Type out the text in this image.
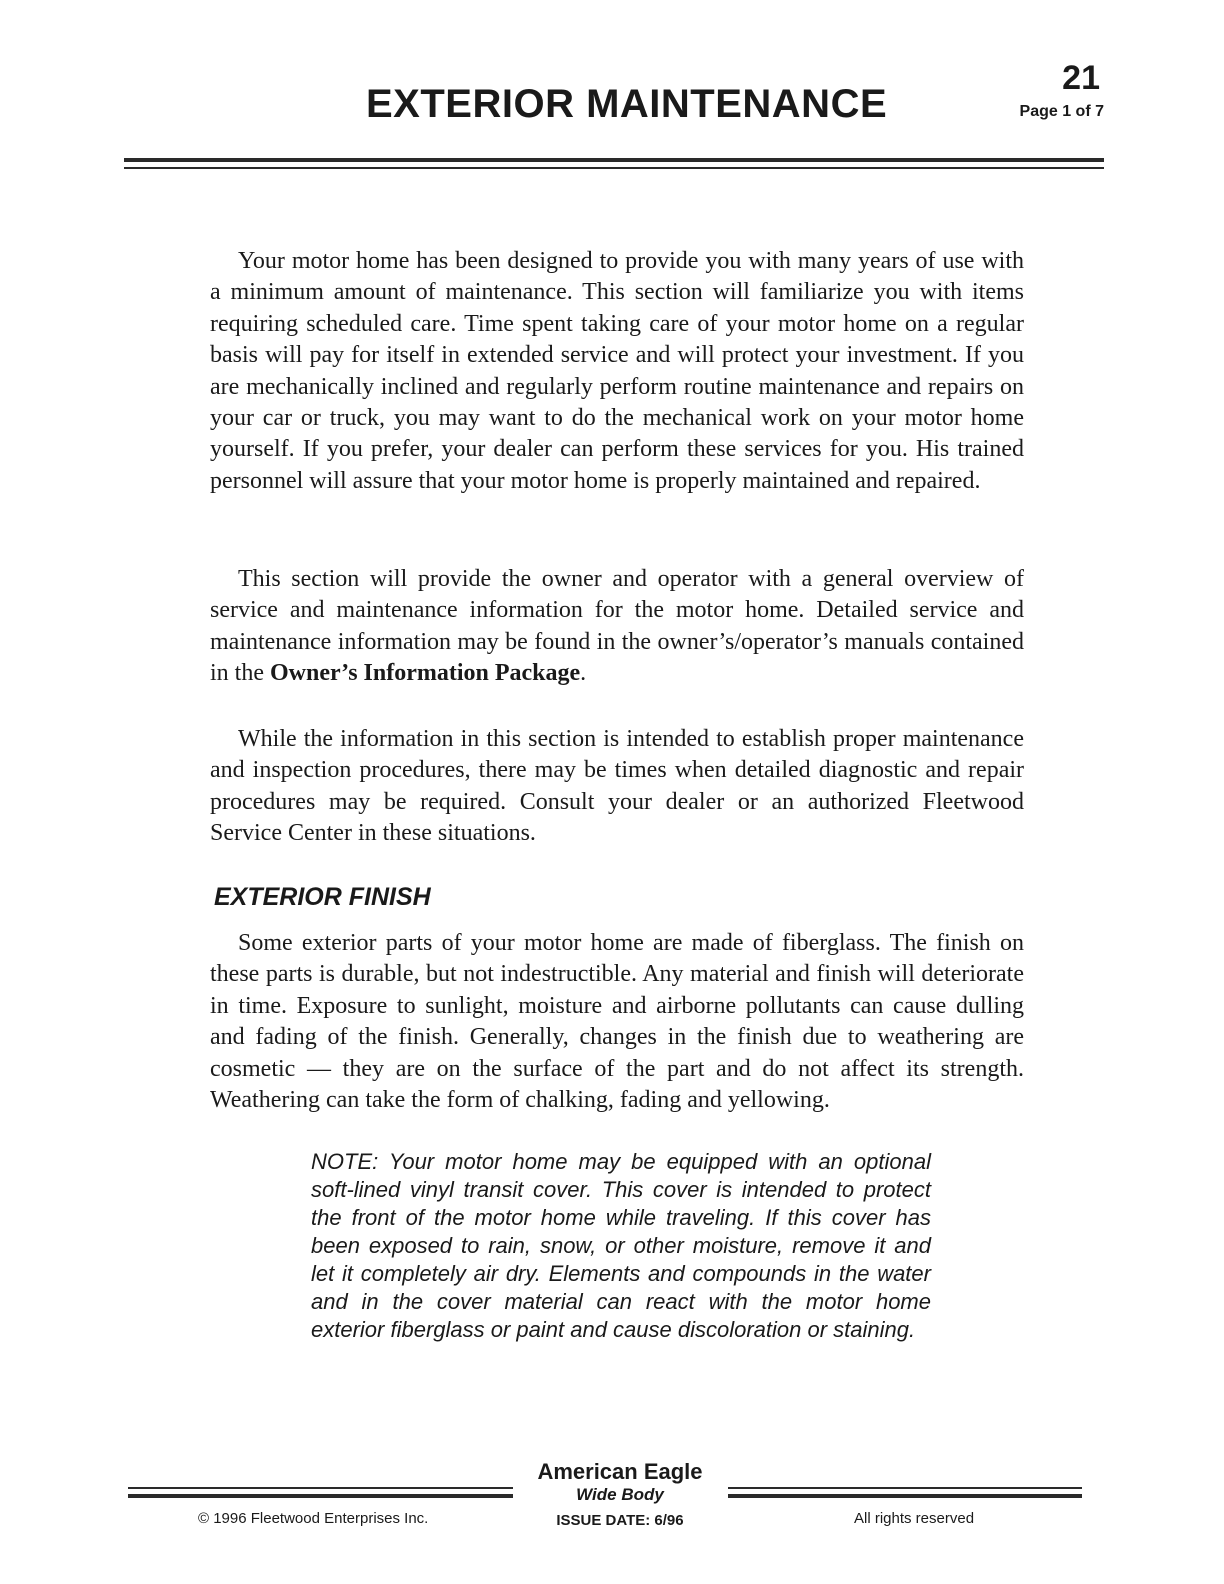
EXTERIOR MAINTENANCE
21
Page 1 of 7

Your motor home has been designed to provide you with many years of use with a minimum amount of maintenance. This section will familiarize you with items requiring scheduled care. Time spent taking care of your motor home on a regular basis will pay for itself in extended service and will protect your investment. If you are mechanically inclined and regularly perform routine maintenance and repairs on your car or truck, you may want to do the mechanical work on your motor home yourself. If you prefer, your dealer can perform these services for you. His trained personnel will assure that your motor home is properly maintained and repaired.

This section will provide the owner and operator with a general overview of service and maintenance information for the motor home. Detailed service and maintenance information may be found in the owner’s/operator’s manuals contained in the Owner’s Information Package.

While the information in this section is intended to establish proper maintenance and inspection procedures, there may be times when detailed diagnostic and repair procedures may be required. Consult your dealer or an authorized Fleetwood Service Center in these situations.

EXTERIOR FINISH

Some exterior parts of your motor home are made of fiberglass. The finish on these parts is durable, but not indestructible. Any material and finish will deteriorate in time. Exposure to sunlight, moisture and airborne pollutants can cause dulling and fading of the finish. Generally, changes in the finish due to weathering are cosmetic — they are on the surface of the part and do not affect its strength. Weathering can take the form of chalking, fading and yellowing.

NOTE: Your motor home may be equipped with an optional soft-lined vinyl transit cover. This cover is intended to protect the front of the motor home while traveling. If this cover has been exposed to rain, snow, or other moisture, remove it and let it completely air dry. Elements and compounds in the water and in the cover material can react with the motor home exterior fiberglass or paint and cause discoloration or staining.

American Eagle
Wide Body
© 1996 Fleetwood Enterprises Inc.	ISSUE DATE: 6/96	All rights reserved
